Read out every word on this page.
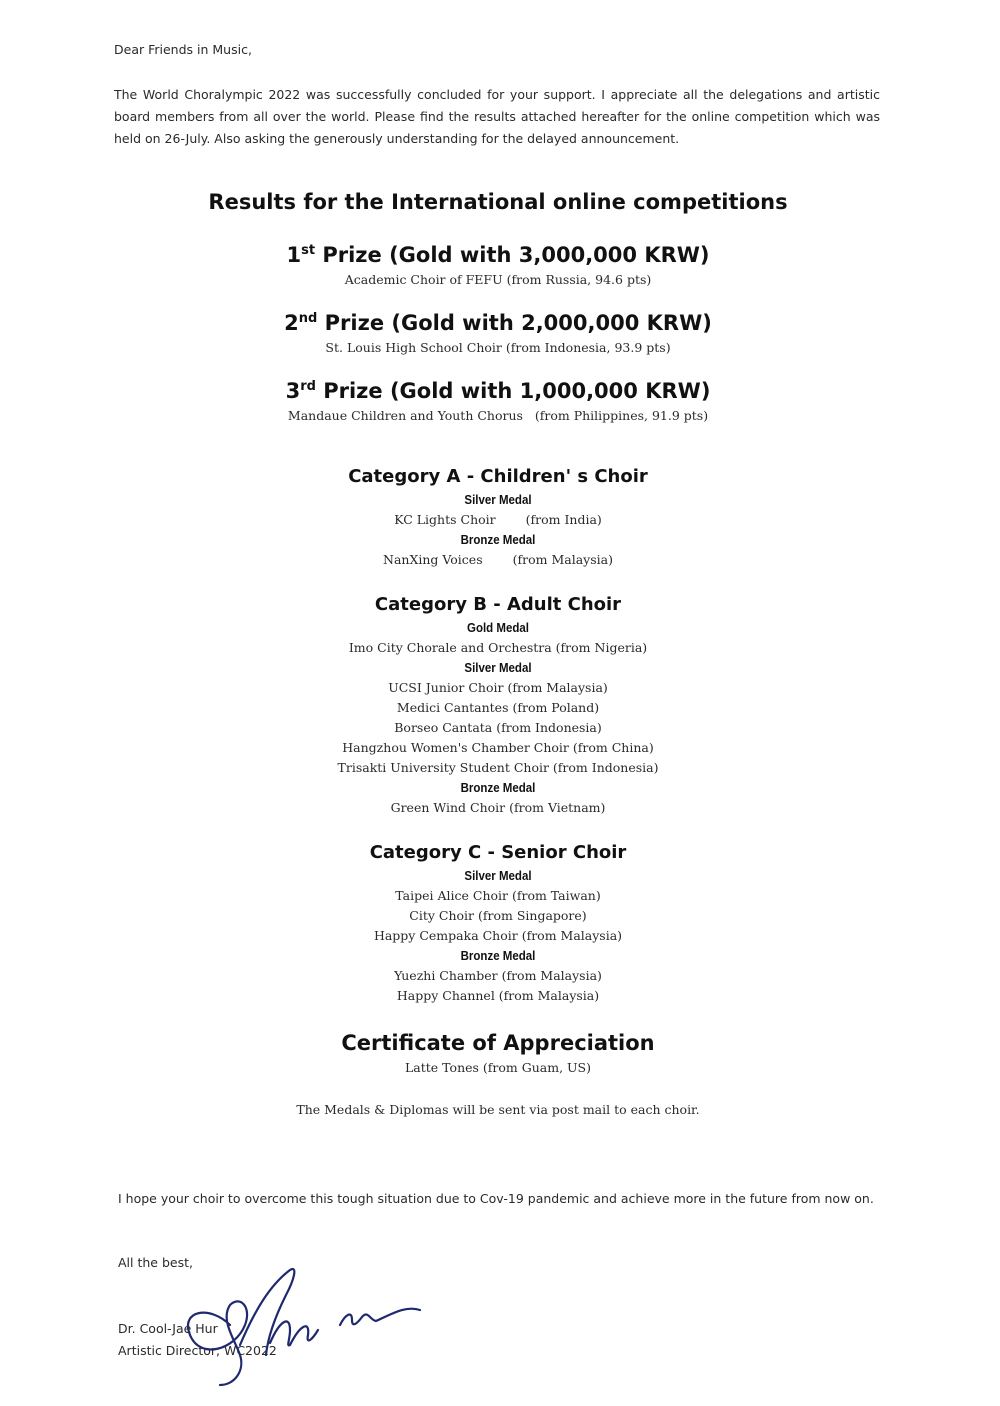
Dear Friends in Music,
The World Choralympic 2022 was successfully concluded for your support. I appreciate all the delegations and artistic board members from all over the world. Please find the results attached hereafter for the online competition which was held on 26-July. Also asking the generously understanding for the delayed announcement.
Results for the International online competitions
1st Prize (Gold with 3,000,000 KRW)
Academic Choir of FEFU (from Russia, 94.6 pts)
2nd Prize (Gold with 2,000,000 KRW)
St. Louis High School Choir (from Indonesia, 93.9 pts)
3rd Prize (Gold with 1,000,000 KRW)
Mandaue Children and Youth Chorus   (from Philippines, 91.9 pts)
Category A - Children' s Choir
Silver Medal
KC Lights Choir (from India)
Bronze Medal
NanXing Voices (from Malaysia)
Category B - Adult Choir
Gold Medal
Imo City Chorale and Orchestra (from Nigeria)
Silver Medal
UCSI Junior Choir (from Malaysia)
Medici Cantantes (from Poland)
Borseo Cantata (from Indonesia)
Hangzhou Women's Chamber Choir (from China)
Trisakti University Student Choir (from Indonesia)
Bronze Medal
Green Wind Choir (from Vietnam)
Category C - Senior Choir
Silver Medal
Taipei Alice Choir (from Taiwan)
City Choir (from Singapore)
Happy Cempaka Choir (from Malaysia)
Bronze Medal
Yuezhi Chamber (from Malaysia)
Happy Channel (from Malaysia)
Certificate of Appreciation
Latte Tones (from Guam, US)
The Medals & Diplomas will be sent via post mail to each choir.
I hope your choir to overcome this tough situation due to Cov-19 pandemic and achieve more in the future from now on.
All the best,
Dr. Cool-Jae Hur
Artistic Director, WC2022
